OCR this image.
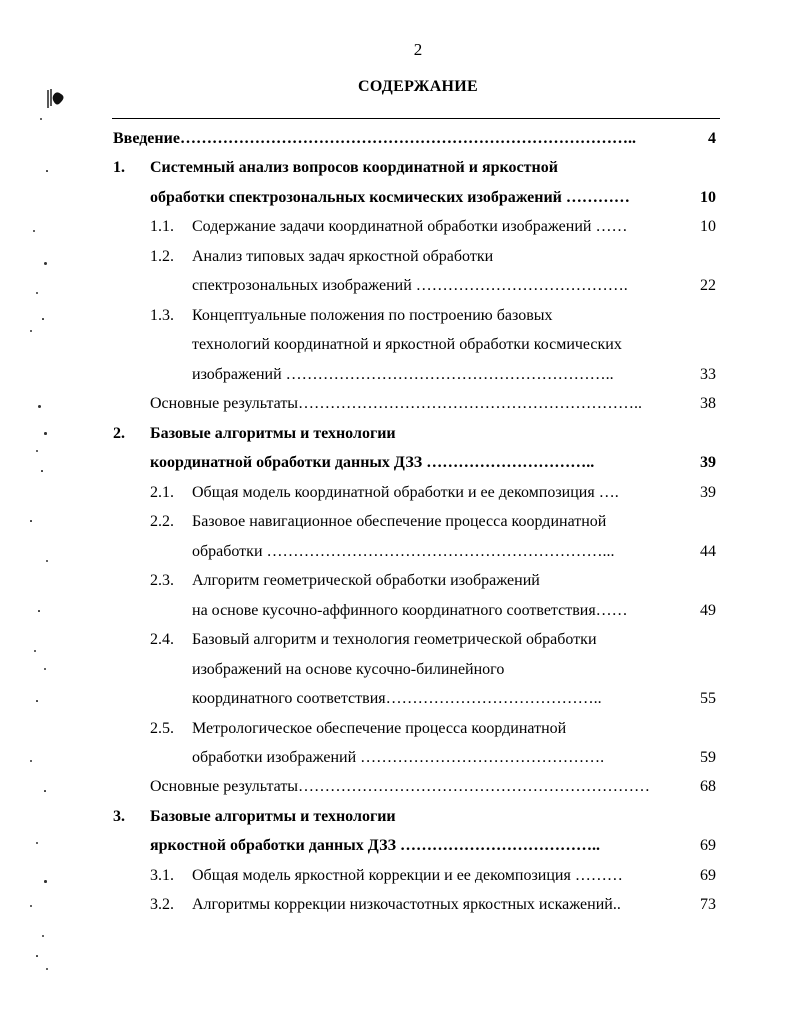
2
СОДЕРЖАНИЕ
Введение…………………………………………………………………………..	4
1. Системный анализ вопросов координатной и яркостной
обработки спектрозональных космических изображений …………	10
1.1. Содержание задачи координатной обработки изображений ……	10
1.2. Анализ типовых задач яркостной обработки
спектрозональных изображений ………………………………….	22
1.3. Концептуальные положения по построению базовых
технологий координатной и яркостной обработки космических
изображений ……………………………………………………..	33
Основные результаты………………………………………………………..	38
2. Базовые алгоритмы и технологии
координатной обработки данных ДЗЗ …………………………..	39
2.1. Общая модель координатной обработки и ее декомпозиция ….	39
2.2. Базовое навигационное обеспечение процесса координатной
обработки ………………………………………………………...	44
2.3. Алгоритм геометрической обработки изображений
на основе кусочно-аффинного координатного соответствия……	49
2.4. Базовый алгоритм и технология геометрической обработки
изображений на основе кусочно-билинейного
координатного соответствия…………………………………..	55
2.5. Метрологическое обеспечение процесса координатной
обработки изображений ……………………………………….	59
Основные результаты…………………………………………………………	68
3. Базовые алгоритмы и технологии
яркостной обработки данных ДЗЗ ………………………………..	69
3.1. Общая модель яркостной коррекции и ее декомпозиция ………	69
3.2. Алгоритмы коррекции низкочастотных яркостных искажений..	73
